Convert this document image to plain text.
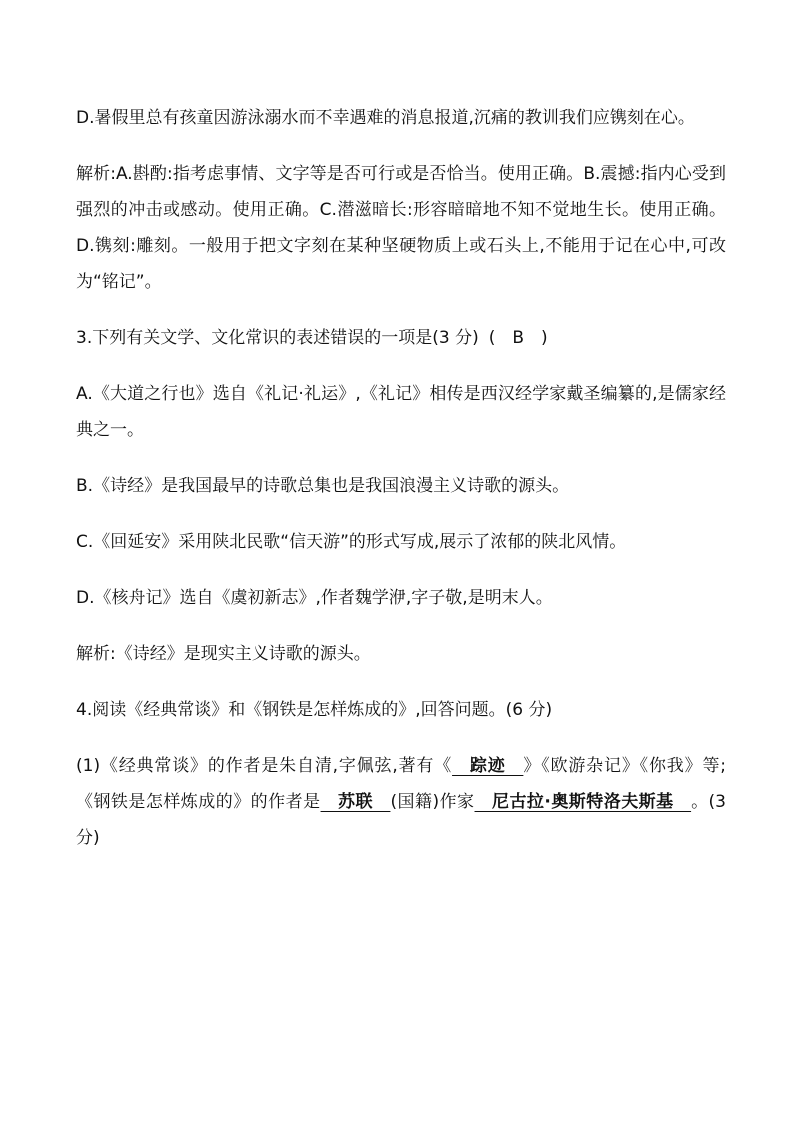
D.暑假里总有孩童因游泳溺水而不幸遇难的消息报道,沉痛的教训我们应镌刻在心。

解析:A.斟酌:指考虑事情、文字等是否可行或是否恰当。使用正确。B.震撼:指内心受到强烈的冲击或感动。使用正确。C.潜滋暗长:形容暗暗地不知不觉地生长。使用正确。D.镌刻:雕刻。一般用于把文字刻在某种坚硬物质上或石头上,不能用于记在心中,可改为“铭记”。

3.下列有关文学、文化常识的表述错误的一项是(3 分) (　B　)

A.《大道之行也》选自《礼记·礼运》,《礼记》相传是西汉经学家戴圣编纂的,是儒家经典之一。

B.《诗经》是我国最早的诗歌总集也是我国浪漫主义诗歌的源头。

C.《回延安》采用陕北民歌“信天游”的形式写成,展示了浓郁的陕北风情。

D.《核舟记》选自《虞初新志》,作者魏学洢,字子敬,是明末人。

解析:《诗经》是现实主义诗歌的源头。

4.阅读《经典常谈》和《钢铁是怎样炼成的》,回答问题。(6 分)

(1)《经典常谈》的作者是朱自清,字佩弦,著有《　踪迹　》《欧游杂记》《你我》等;《钢铁是怎样炼成的》的作者是　苏联　(国籍)作家　尼古拉·奥斯特洛夫斯基　。(3 分)
